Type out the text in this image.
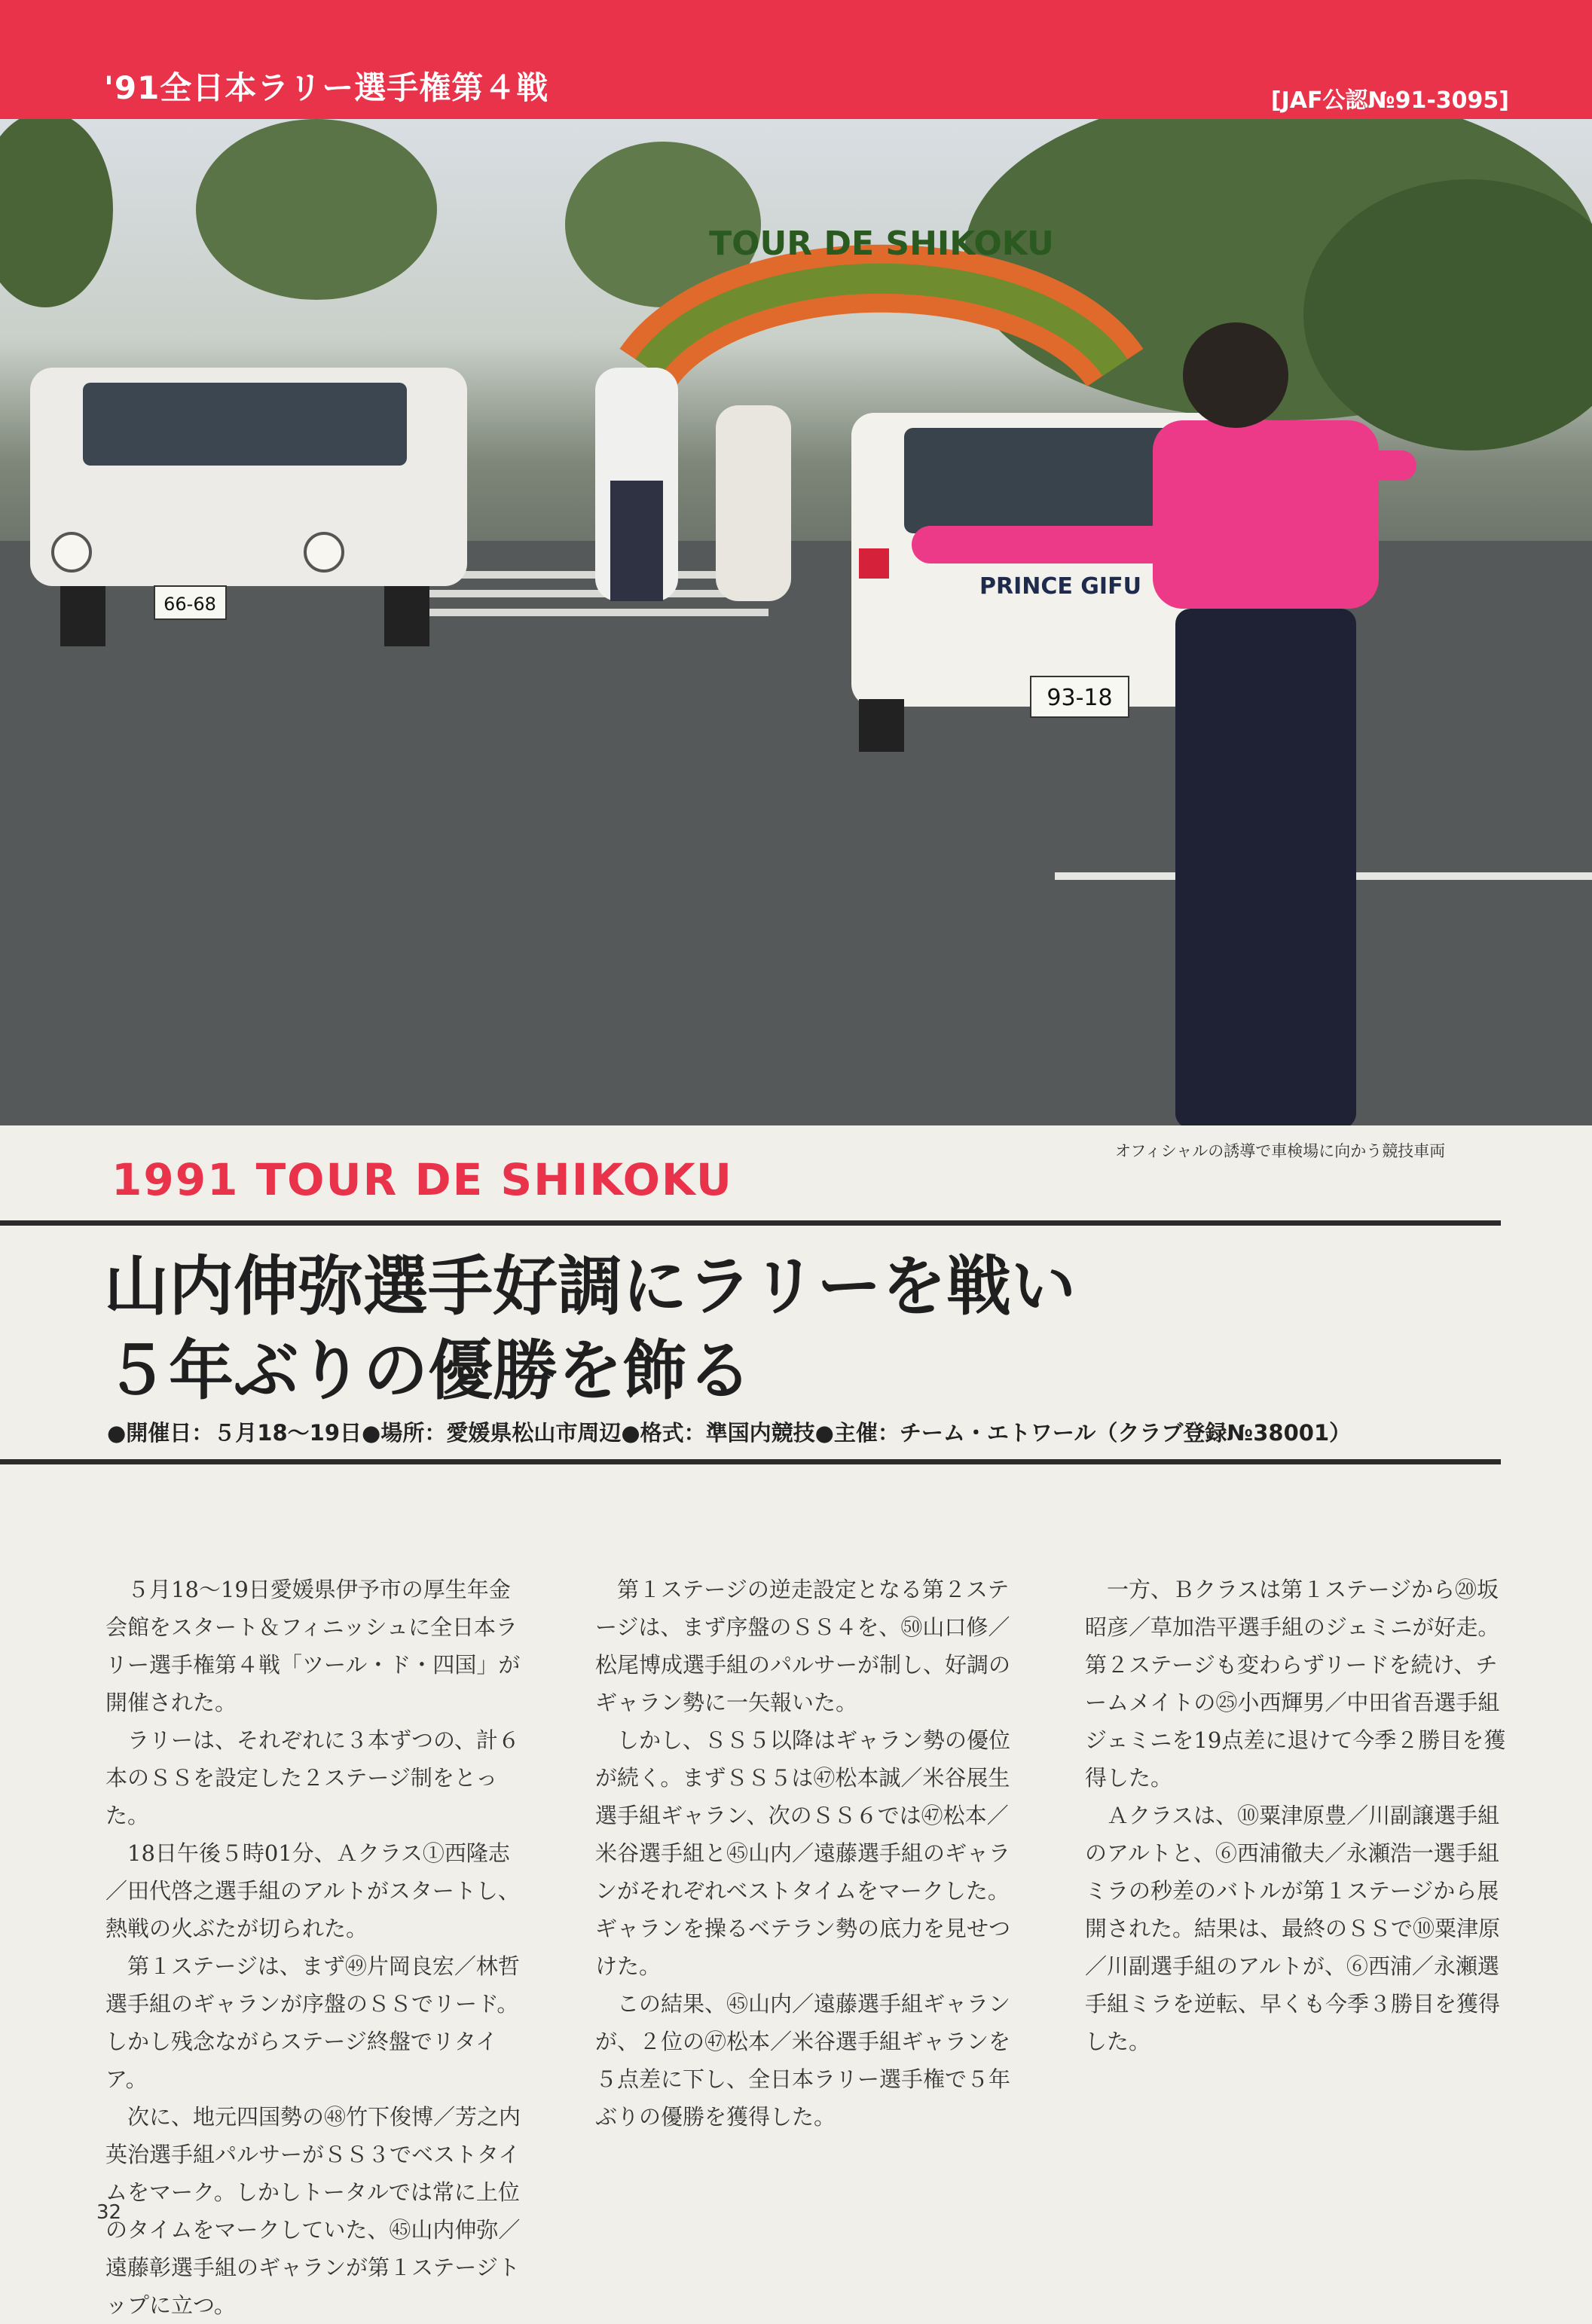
'91全日本ラリー選手権第４戦	[JAF公認№91-3095]
66-68
93-18
PRINCE GIFU
TOUR DE SHIKOKU
オフィシャルの誘導で車検場に向かう競技車両
1991 TOUR DE SHIKOKU
山内伸弥選手好調にラリーを戦い
５年ぶりの優勝を飾る
●開催日：５月18〜19日●場所：愛媛県松山市周辺●格式：準国内競技●主催：チーム・エトワール（クラブ登録№38001）

５月18〜19日愛媛県伊予市の厚生年金会館をスタート＆フィニッシュに全日本ラリー選手権第４戦「ツール・ド・四国」が開催された。

ラリーは、それぞれに３本ずつの、計６本のＳＳを設定した２ステージ制をとった。

18日午後５時01分、Ａクラス①西隆志／田代啓之選手組のアルトがスタートし、熱戦の火ぶたが切られた。

第１ステージは、まず㊾片岡良宏／林哲選手組のギャランが序盤のＳＳでリード。しかし残念ながらステージ終盤でリタイア。

次に、地元四国勢の㊽竹下俊博／芳之内英治選手組パルサーがＳＳ３でベストタイムをマーク。しかしトータルでは常に上位のタイムをマークしていた、㊺山内伸弥／遠藤彰選手組のギャランが第１ステージトップに立つ。

第１ステージの逆走設定となる第２ステージは、まず序盤のＳＳ４を、㊿山口修／松尾博成選手組のパルサーが制し、好調のギャラン勢に一矢報いた。

しかし、ＳＳ５以降はギャラン勢の優位が続く。まずＳＳ５は㊼松本誠／米谷展生選手組ギャラン、次のＳＳ６では㊼松本／米谷選手組と㊺山内／遠藤選手組のギャランがそれぞれベストタイムをマークした。ギャランを操るベテラン勢の底力を見せつけた。

この結果、㊺山内／遠藤選手組ギャランが、２位の㊼松本／米谷選手組ギャランを５点差に下し、全日本ラリー選手権で５年ぶりの優勝を獲得した。

一方、Ｂクラスは第１ステージから⑳坂昭彦／草加浩平選手組のジェミニが好走。第２ステージも変わらずリードを続け、チームメイトの㉕小西輝男／中田省吾選手組ジェミニを19点差に退けて今季２勝目を獲得した。

Ａクラスは、⑩粟津原豊／川副譲選手組のアルトと、⑥西浦徹夫／永瀬浩一選手組ミラの秒差のバトルが第１ステージから展開された。結果は、最終のＳＳで⑩粟津原／川副選手組のアルトが、⑥西浦／永瀬選手組ミラを逆転、早くも今季３勝目を獲得した。

32
